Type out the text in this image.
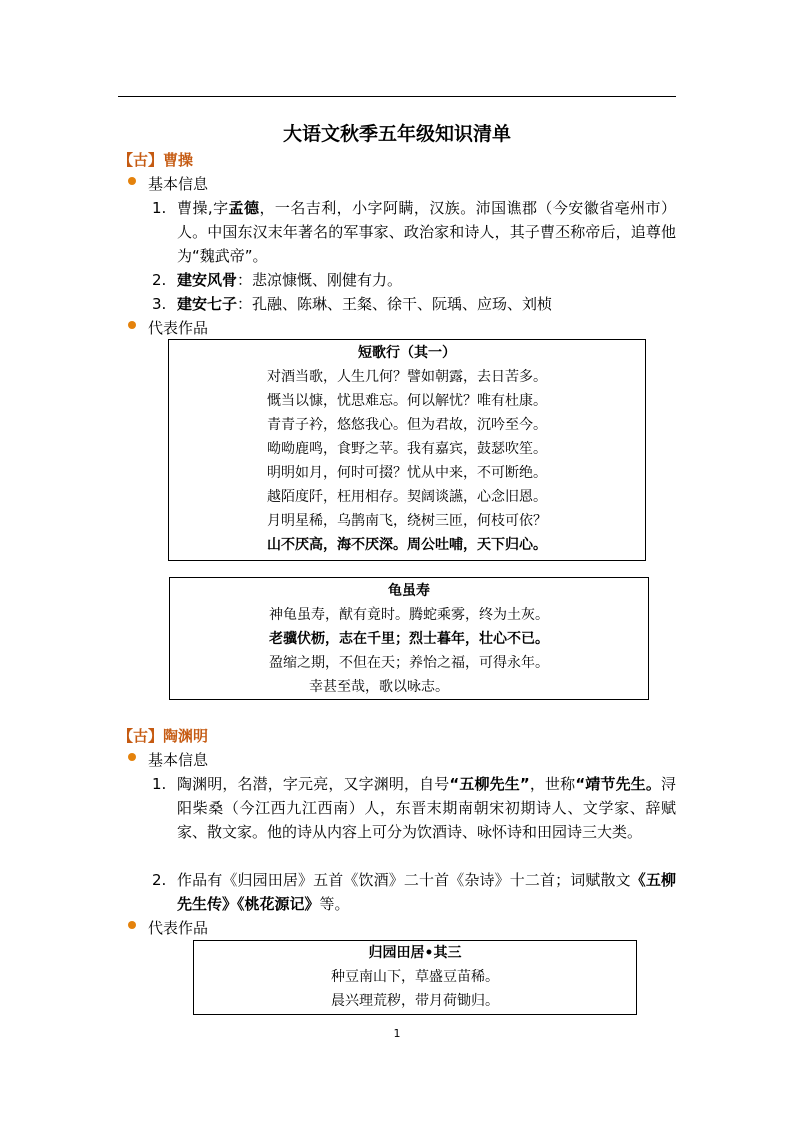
大语文秋季五年级知识清单
【古】曹操
基本信息
1. 曹操,字孟德，一名吉利，小字阿瞒，汉族。沛国谯郡（今安徽省亳州市）人。中国东汉末年著名的军事家、政治家和诗人，其子曹丕称帝后，追尊他为“魏武帝”。
2. 建安风骨：悲凉慷慨、刚健有力。
3. 建安七子：孔融、陈琳、王粲、徐干、阮瑀、应玚、刘桢
代表作品
短歌行（其一）
对酒当歌，人生几何？譬如朝露，去日苦多。
慨当以慷，忧思难忘。何以解忧？唯有杜康。
青青子衿，悠悠我心。但为君故，沉吟至今。
呦呦鹿鸣，食野之苹。我有嘉宾，鼓瑟吹笙。
明明如月，何时可掇？忧从中来，不可断绝。
越陌度阡，枉用相存。契阔谈讌，心念旧恩。
月明星稀，乌鹊南飞，绕树三匝，何枝可依？
山不厌高，海不厌深。周公吐哺，天下归心。
龟虽寿
神龟虽寿，猷有竟时。腾蛇乘雾，终为土灰。
老骥伏枥，志在千里；烈士暮年，壮心不已。
盈缩之期，不但在天；养怡之福，可得永年。
幸甚至哉，歌以咏志。
【古】陶渊明
基本信息
1. 陶渊明，名潜，字元亮，又字渊明，自号“五柳先生”，世称“靖节先生。浔阳柴桑（今江西九江西南）人，东晋末期南朝宋初期诗人、文学家、辞赋家、散文家。他的诗从内容上可分为饮酒诗、咏怀诗和田园诗三大类。
2. 作品有《归园田居》五首《饮酒》二十首《杂诗》十二首；词赋散文《五柳先生传》《桃花源记》等。
代表作品
归园田居•其三
种豆南山下，草盛豆苗稀。
晨兴理荒秽，带月荷锄归。
1
